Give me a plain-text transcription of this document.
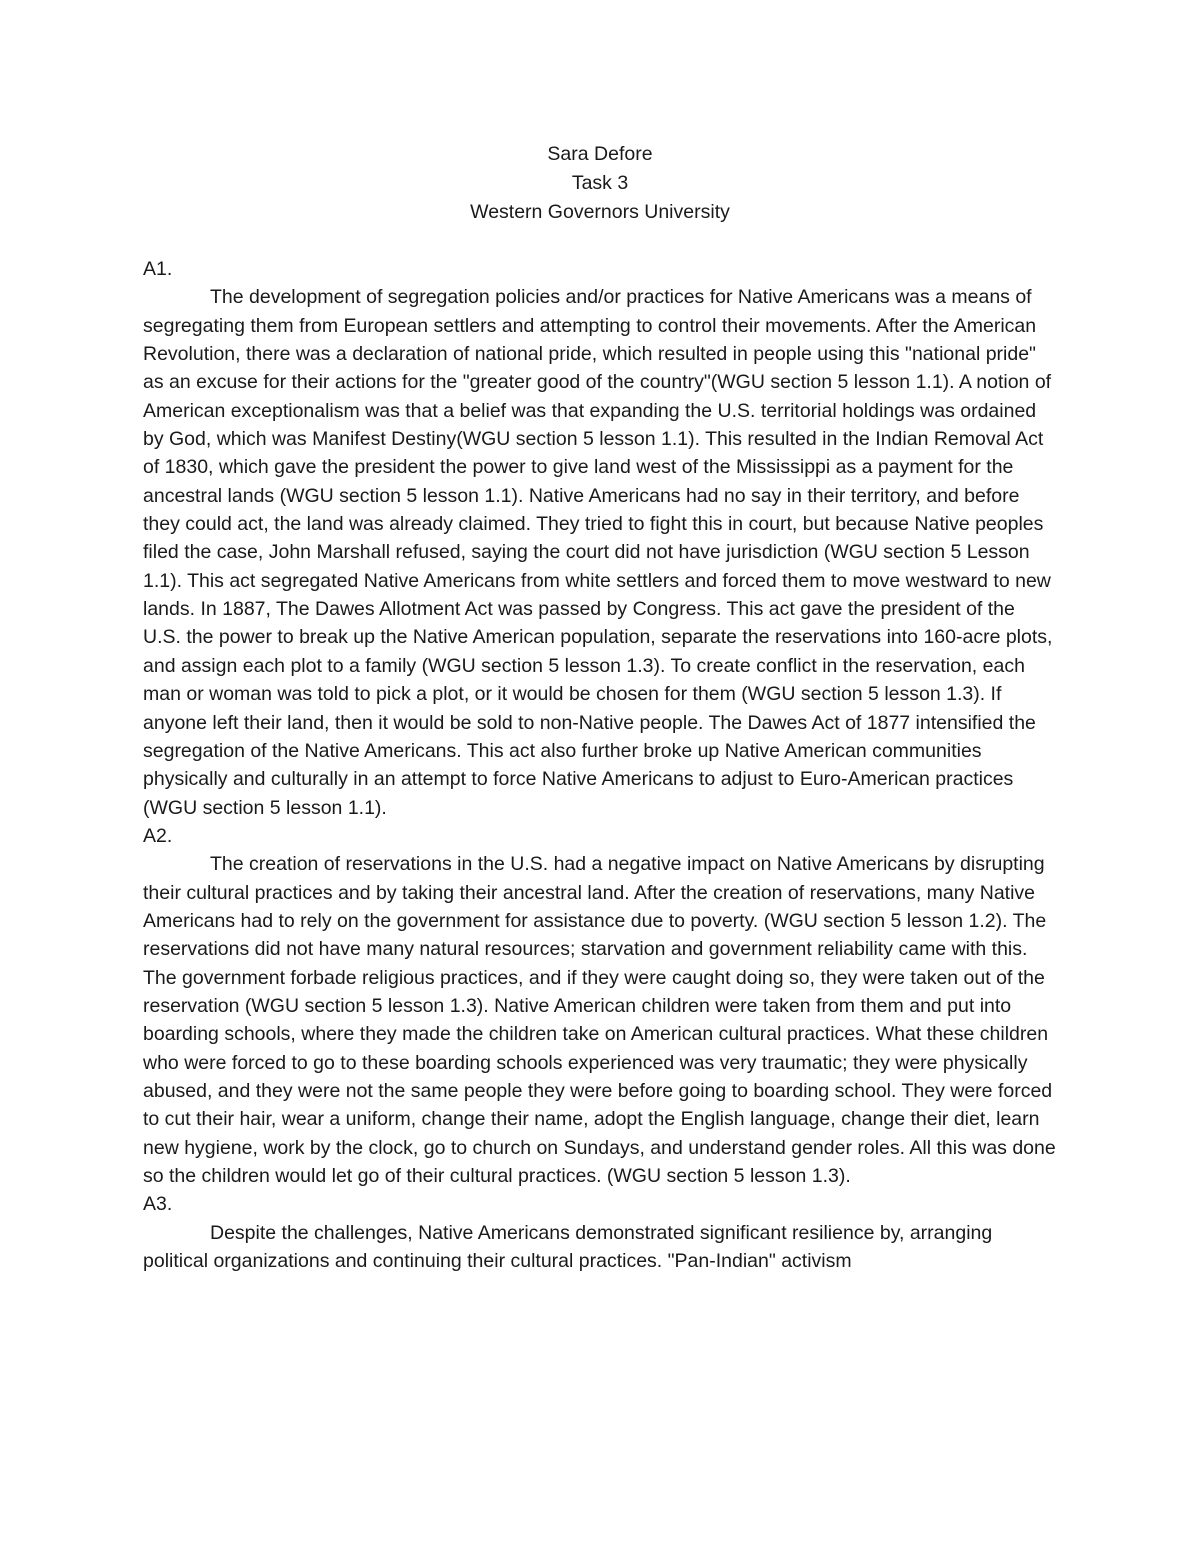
Sara Defore
Task 3
Western Governors University
A1.
The development of segregation policies and/or practices for Native Americans was a means of segregating them from European settlers and attempting to control their movements. After the American Revolution, there was a declaration of national pride, which resulted in people using this "national pride" as an excuse for their actions for the "greater good of the country"(WGU section 5 lesson 1.1). A notion of American exceptionalism was that a belief was that expanding the U.S. territorial holdings was ordained by God, which was Manifest Destiny(WGU section 5 lesson 1.1). This resulted in the Indian Removal Act of 1830, which gave the president the power to give land west of the Mississippi as a payment for the ancestral lands (WGU section 5 lesson 1.1). Native Americans had no say in their territory, and before they could act, the land was already claimed. They tried to fight this in court, but because Native peoples filed the case, John Marshall refused, saying the court did not have jurisdiction (WGU section 5 Lesson 1.1). This act segregated Native Americans from white settlers and forced them to move westward to new lands. In 1887, The Dawes Allotment Act was passed by Congress. This act gave the president of the U.S. the power to break up the Native American population, separate the reservations into 160-acre plots, and assign each plot to a family (WGU section 5 lesson 1.3). To create conflict in the reservation, each man or woman was told to pick a plot, or it would be chosen for them (WGU section 5 lesson 1.3). If anyone left their land, then it would be sold to non-Native people. The Dawes Act of 1877 intensified the segregation of the Native Americans. This act also further broke up Native American communities physically and culturally in an attempt to force Native Americans to adjust to Euro-American practices (WGU section 5 lesson 1.1).
A2.
The creation of reservations in the U.S. had a negative impact on Native Americans by disrupting their cultural practices and by taking their ancestral land. After the creation of reservations, many Native Americans had to rely on the government for assistance due to poverty. (WGU section 5 lesson 1.2). The reservations did not have many natural resources; starvation and government reliability came with this. The government forbade religious practices, and if they were caught doing so, they were taken out of the reservation (WGU section 5 lesson 1.3). Native American children were taken from them and put into boarding schools, where they made the children take on American cultural practices. What these children who were forced to go to these boarding schools experienced was very traumatic; they were physically abused, and they were not the same people they were before going to boarding school. They were forced to cut their hair, wear a uniform, change their name, adopt the English language, change their diet, learn new hygiene, work by the clock, go to church on Sundays, and understand gender roles. All this was done so the children would let go of their cultural practices. (WGU section 5 lesson 1.3).
A3.
Despite the challenges, Native Americans demonstrated significant resilience by, arranging political organizations and continuing their cultural practices. "Pan-Indian" activism
